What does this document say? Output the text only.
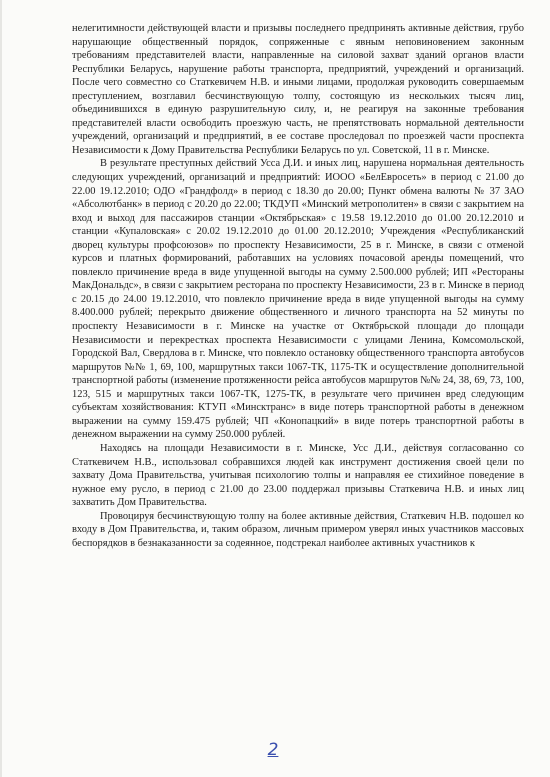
нелегитимности действующей власти и призывы последнего предпринять активные действия, грубо нарушающие общественный порядок, сопряженные с явным неповиновением законным требованиям представителей власти, направленные на силовой захват зданий органов власти Республики Беларусь, нарушение работы транспорта, предприятий, учреждений и организаций. После чего совместно со Статкевичем Н.В. и иными лицами, продолжая руководить совершаемым преступлением, возглавил бесчинствующую толпу, состоящую из нескольких тысяч лиц, объединившихся в единую разрушительную силу, и, не реагируя на законные требования представителей власти освободить проезжую часть, не препятствовать нормальной деятельности учреждений, организаций и предприятий, в ее составе проследовал по проезжей части проспекта Независимости к Дому Правительства Республики Беларусь по ул. Советской, 11 в г. Минске.

В результате преступных действий Усса Д.И. и иных лиц, нарушена нормальная деятельность следующих учреждений, организаций и предприятий: ИООО «БелЕвросеть» в период с 21.00 до 22.00 19.12.2010; ОДО «Грандфолд» в период с 18.30 до 20.00; Пункт обмена валюты № 37 ЗАО «Абсолютбанк» в период с 20.20 до 22.00; ТКДУП «Минский метрополитен» в связи с закрытием на вход и выход для пассажиров станции «Октябрьская» с 19.58 19.12.2010 до 01.00 20.12.2010 и станции «Купаловская» с 20.02 19.12.2010 до 01.00 20.12.2010; Учреждения «Республиканский дворец культуры профсоюзов» по проспекту Независимости, 25 в г. Минске, в связи с отменой курсов и платных формирований, работавших на условиях почасовой аренды помещений, что повлекло причинение вреда в виде упущенной выгоды на сумму 2.500.000 рублей; ИП «Рестораны МакДональдс», в связи с закрытием ресторана по проспекту Независимости, 23 в г. Минске в период с 20.15 до 24.00 19.12.2010, что повлекло причинение вреда в виде упущенной выгоды на сумму 8.400.000 рублей; перекрыто движение общественного и личного транспорта на 52 минуты по проспекту Независимости в г. Минске на участке от Октябрьской площади до площади Независимости и перекрестках проспекта Независимости с улицами Ленина, Комсомольской, Городской Вал, Свердлова в г. Минске, что повлекло остановку общественного транспорта автобусов маршрутов №№ 1, 69, 100, маршрутных такси 1067-ТК, 1175-ТК и осуществление дополнительной транспортной работы (изменение протяженности рейса автобусов маршрутов №№ 24, 38, 69, 73, 100, 123, 515 и маршрутных такси 1067-ТК, 1275-ТК, в результате чего причинен вред следующим субъектам хозяйствования: КТУП «Минсктранс» в виде потерь транспортной работы в денежном выражении на сумму 159.475 рублей; ЧП «Конопацкий» в виде потерь транспортной работы в денежном выражении на сумму 250.000 рублей.

Находясь на площади Независимости в г. Минске, Усс Д.И., действуя согласованно со Статкевичем Н.В., использовал собравшихся людей как инструмент достижения своей цели по захвату Дома Правительства, учитывая психологию толпы и направляя ее стихийное поведение в нужное ему русло, в период с 21.00 до 23.00 поддержал призывы Статкевича Н.В. и иных лиц захватить Дом Правительства.

Провоцируя бесчинствующую толпу на более активные действия, Статкевич Н.В. подошел ко входу в Дом Правительства, и, таким образом, личным примером уверял иных участников массовых беспорядков в безнаказанности за содеянное, подстрекал наиболее активных участников к

2
